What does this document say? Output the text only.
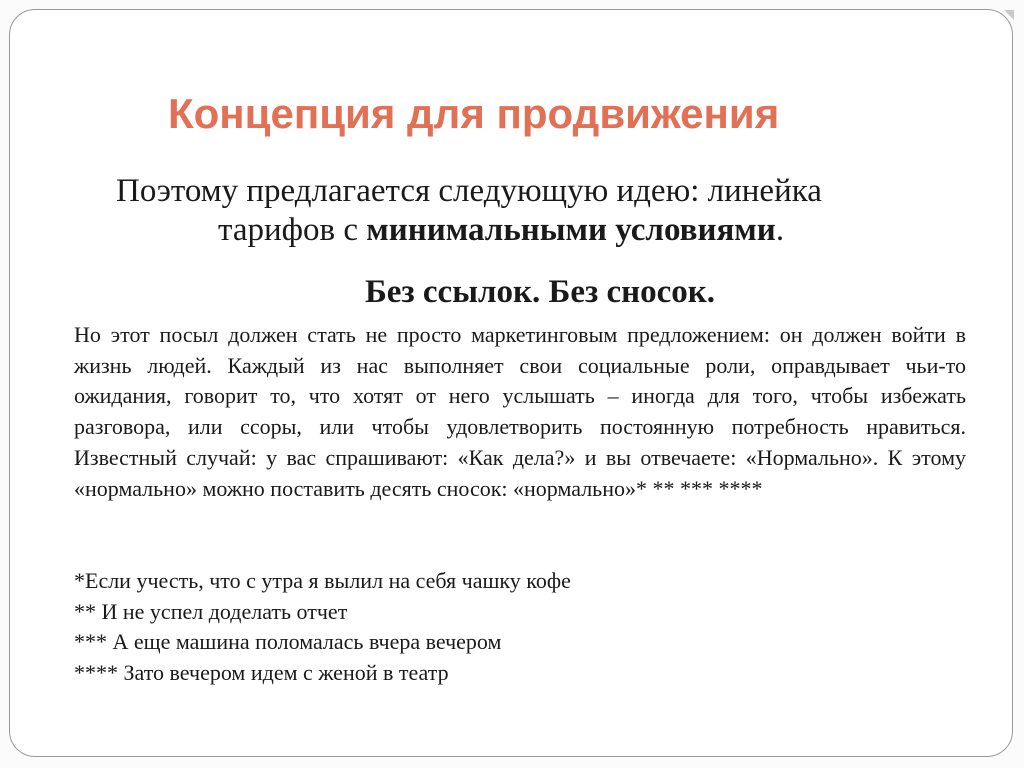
Концепция для продвижения
Поэтому предлагается следующую идею: линейка
тарифов с минимальными условиями.
Без ссылок. Без сносок.
Но этот посыл должен стать не просто маркетинговым предложением: он должен войти в жизнь людей. Каждый из нас выполняет свои социальные роли, оправдывает чьи-то ожидания, говорит то, что хотят от него услышать – иногда для того, чтобы избежать разговора, или ссоры, или чтобы удовлетворить постоянную потребность нравиться. Известный случай: у вас спрашивают: «Как дела?» и вы отвечаете: «Нормально». К этому «нормально» можно поставить десять сносок: «нормально»* ** *** ****
*Если учесть, что с утра я вылил на себя чашку кофе
** И не успел доделать отчет
*** А еще машина поломалась вчера вечером
**** Зато вечером идем с женой в театр
